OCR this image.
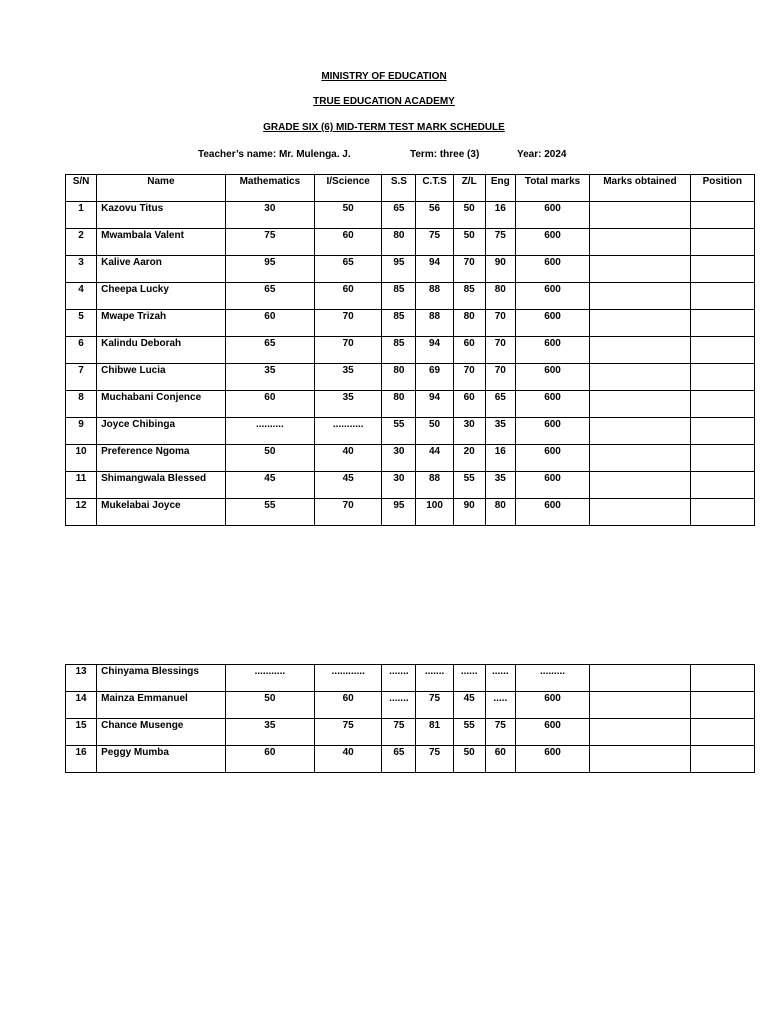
MINISTRY OF EDUCATION
TRUE EDUCATION ACADEMY
GRADE SIX (6) MID-TERM TEST MARK SCHEDULE
Teacher’s name: Mr. Mulenga. J.	Term: three (3)	Year: 2024
S/N	Name	Mathematics	I/Science	S.S	C.T.S	Z/L	Eng	Total marks	Marks obtained	Position
1	Kazovu Titus	30	50	65	56	50	16	600		
2	Mwambala Valent	75	60	80	75	50	75	600		
3	Kalive Aaron	95	65	95	94	70	90	600		
4	Cheepa Lucky	65	60	85	88	85	80	600		
5	Mwape Trizah	60	70	85	88	80	70	600		
6	Kalindu Deborah	65	70	85	94	60	70	600		
7	Chibwe Lucia	35	35	80	69	70	70	600		
8	Muchabani Conjence	60	35	80	94	60	65	600		
9	Joyce Chibinga	..........	...........	55	50	30	35	600		
10	Preference Ngoma	50	40	30	44	20	16	600		
11	Shimangwala Blessed	45	45	30	88	55	35	600		
12	Mukelabai Joyce	55	70	95	100	90	80	600		
13	Chinyama Blessings	...........	............	.......	.......	......	......	.........		
14	Mainza Emmanuel	50	60	.......	75	45	.....	600		
15	Chance Musenge	35	75	75	81	55	75	600		
16	Peggy Mumba	60	40	65	75	50	60	600		
